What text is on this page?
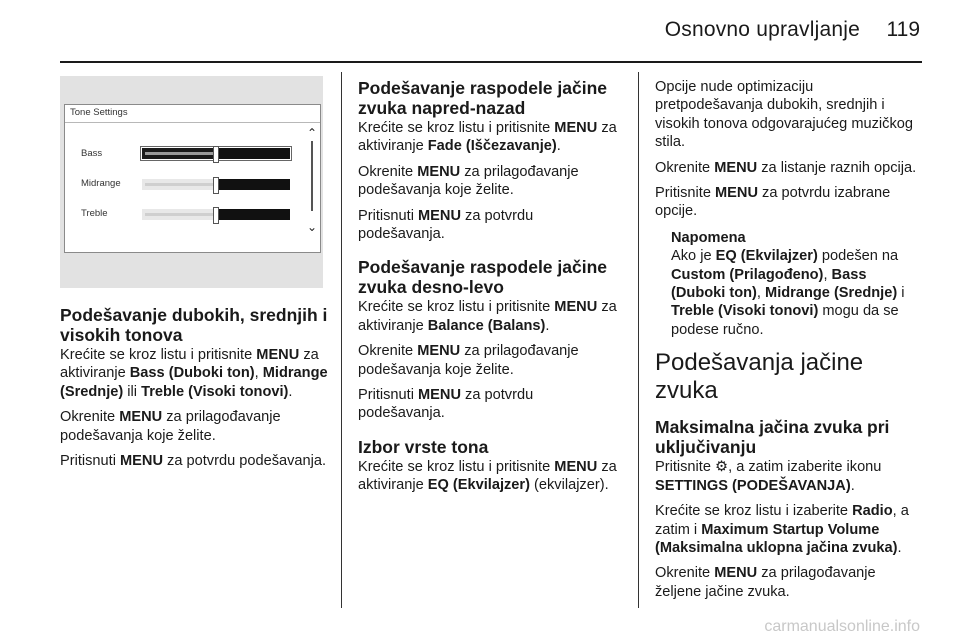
Osnovno upravljanje 119
Tone Settings
⌃
⌄
Bass
Midrange
Treble
Podešavanje dubokih, srednjih i visokih tonova

Krećite se kroz listu i pritisnite MENU za aktiviranje Bass (Duboki ton), Midrange (Srednje) ili Treble (Visoki tonovi).

Okrenite MENU za prilagođavanje podešavanja koje želite.

Pritisnuti MENU za potvrdu podešavanja.

Podešavanje raspodele jačine zvuka napred-nazad

Krećite se kroz listu i pritisnite MENU za aktiviranje Fade (Iščezavanje).

Okrenite MENU za prilagođavanje podešavanja koje želite.

Pritisnuti MENU za potvrdu podešavanja.

Podešavanje raspodele jačine zvuka desno-levo

Krećite se kroz listu i pritisnite MENU za aktiviranje Balance (Balans).

Okrenite MENU za prilagođavanje podešavanja koje želite.

Pritisnuti MENU za potvrdu podešavanja.

Izbor vrste tona

Krećite se kroz listu i pritisnite MENU za aktiviranje EQ (Ekvilajzer) (ekvilajzer).

Opcije nude optimizaciju pretpodešavanja dubokih, srednjih i visokih tonova odgovarajućeg muzičkog stila.

Okrenite MENU za listanje raznih opcija.

Pritisnite MENU za potvrdu izabrane opcije.

Napomena

Ako je EQ (Ekvilajzer) podešen na Custom (Prilagođeno), Bass (Duboki ton), Midrange (Srednje) i Treble (Visoki tonovi) mogu da se podese ručno.

Podešavanja jačine zvuka
Maksimalna jačina zvuka pri uključivanju

Pritisnite ⚙, a zatim izaberite ikonu SETTINGS (PODEŠAVANJA).

Krećite se kroz listu i izaberite Radio, a zatim i Maximum Startup Volume (Maksimalna uklopna jačina zvuka).

Okrenite MENU za prilagođavanje željene jačine zvuka.

carmanualsonline.info
